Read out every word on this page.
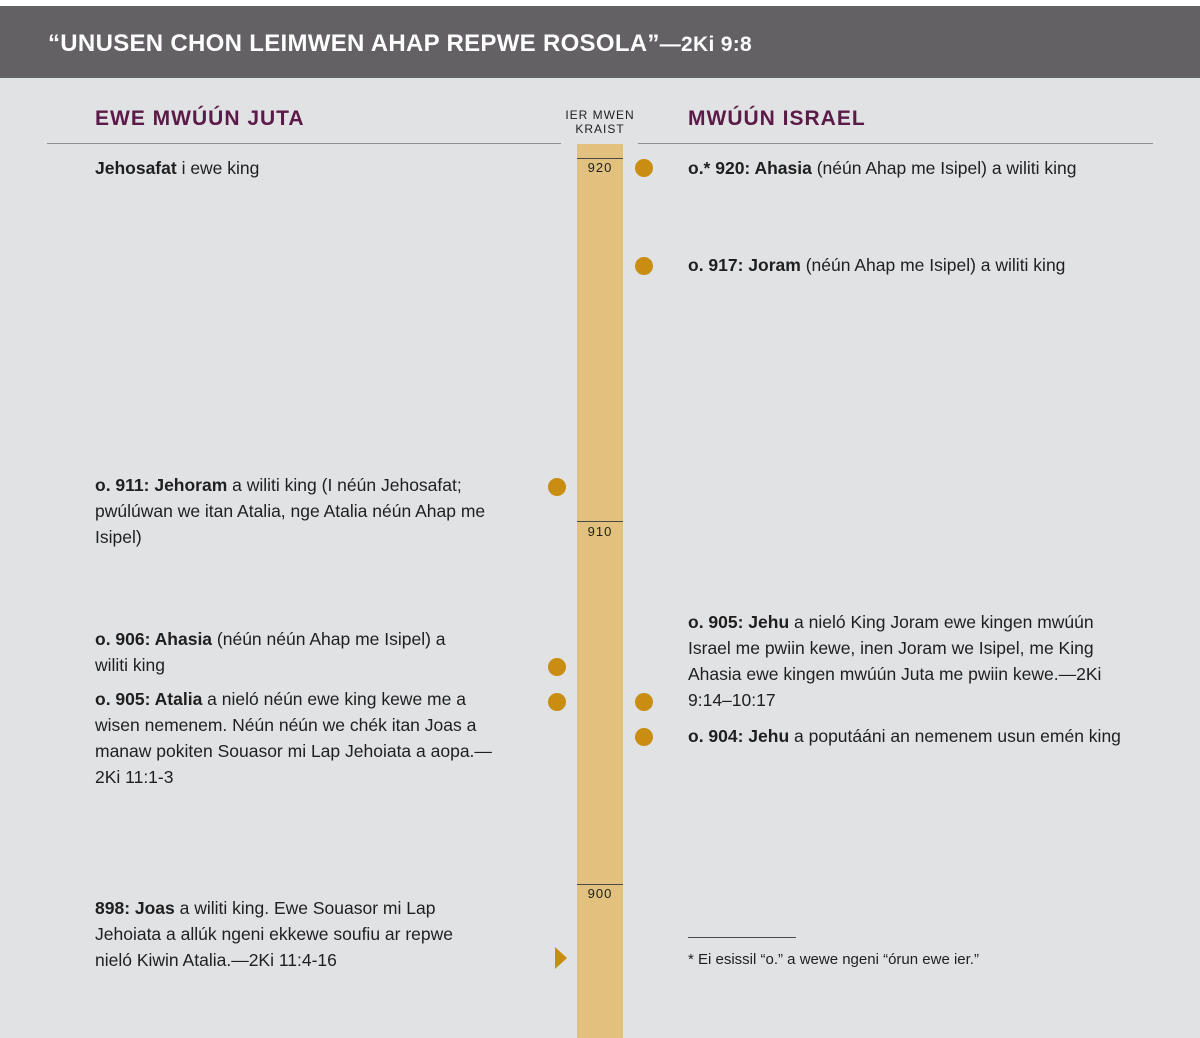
“UNUSEN CHON LEIMWEN AHAP REPWE ROSOLA”—2Ki 9:8
EWE MWÚÚN JUTA	MWÚÚN ISRAEL
IER MWEN
KRAIST
920
910
900
Jehosafat i ewe king
o. 911: Jehoram a wiliti king (I néún Jehosafat; pwúlúwan we itan Atalia, nge Atalia néún Ahap me Isipel)
o. 906: Ahasia (néún néún Ahap me Isipel) a wiliti king
o. 905: Atalia a nieló néún ewe king kewe me a wisen nemenem. Néún néún we chék itan Joas a manaw pokiten Souasor mi Lap Jehoiata a aopa.—2Ki 11:1-3
898: Joas a wiliti king. Ewe Souasor mi Lap Jehoiata a allúk ngeni ekkewe soufiu ar repwe nieló Kiwin Atalia.—2Ki 11:4-16
o.* 920: Ahasia (néún Ahap me Isipel) a wiliti king
o. 917: Joram (néún Ahap me Isipel) a wiliti king
o. 905: Jehu a nieló King Joram ewe kingen mwúún Israel me pwiin kewe, inen Joram we Isipel, me King Ahasia ewe kingen mwúún Juta me pwiin kewe.—2Ki 9:14–10:17
o. 904: Jehu a poputááni an nemenem usun emén king
* Ei esissil “o.” a wewe ngeni “órun ewe ier.”
